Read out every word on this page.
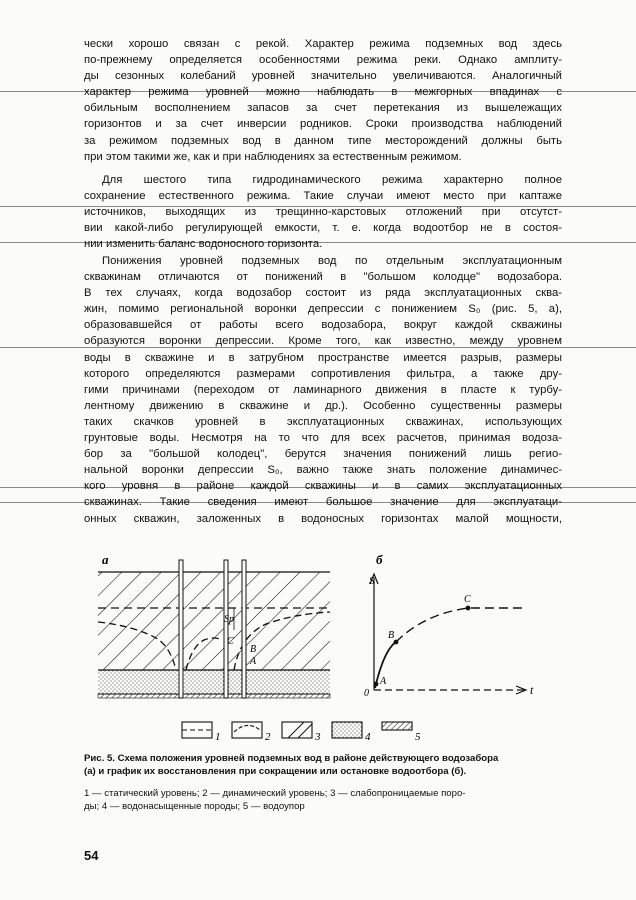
чески хорошо связан с рекой. Характер режима подземных вод здесь
по-прежнему определяется особенностями режима реки. Однако амплиту-
ды сезонных колебаний уровней значительно увеличиваются. Аналогичный
характер режима уровней можно наблюдать в межгорных впадинах с
обильным восполнением запасов за счет перетекания из вышележащих
горизонтов и за счет инверсии родников. Сроки производства наблюдений
за режимом подземных вод в данном типе месторождений должны быть
при этом такими же, как и при наблюдениях за естественным режимом.
Для шестого типа гидродинамического режима характерно полное
сохранение естественного режима. Такие случаи имеют место при каптаже
источников, выходящих из трещинно-карстовых отложений при отсутст-
вии какой-либо регулирующей емкости, т. е. когда водоотбор не в состоя-
нии изменить баланс водоносного горизонта.
Понижения уровней подземных вод по отдельным эксплуатационным
скважинам отличаются от понижений в "большом колодце" водозабора.
В тех случаях, когда водозабор состоит из ряда эксплуатационных сква-
жин, помимо региональной воронки депрессии с понижением S₀ (рис. 5, а),
образовавшейся от работы всего водозабора, вокруг каждой скважины
образуются воронки депрессии. Кроме того, как известно, между уровнем
воды в скважине и в затрубном пространстве имеется разрыв, размеры
которого определяются размерами сопротивления фильтра, а также дру-
гими причинами (переходом от ламинарного движения в пласте к турбу-
лентному движению в скважине и др.). Особенно существенны размеры
таких скачков уровней в эксплуатационных скважинах, использующих
грунтовые воды. Несмотря на то что для всех расчетов, принимая водоза-
бор за "большой колодец", берутся значения понижений лишь регио-
нальной воронки депрессии S₀, важно также знать положение динамичес-
кого уровня в районе каждой скважины и в самих эксплуатационных
скважинах. Такие сведения имеют большое значение для эксплуатаци-
онных скважин, заложенных в водоносных горизонтах малой мощности,
а
Sp
C
B
A
б
S
t
0
A
B
C
1	2	3	4	5
Рис. 5. Схема положения уровней подземных вод в районе действующего водозабора
(а) и график их восстановления при сокращении или остановке водоотбора (б).
1 — статический уровень; 2 — динамический уровень; 3 — слабопроницаемые поро-
ды; 4 — водонасыщенные породы; 5 — водоупор
54
